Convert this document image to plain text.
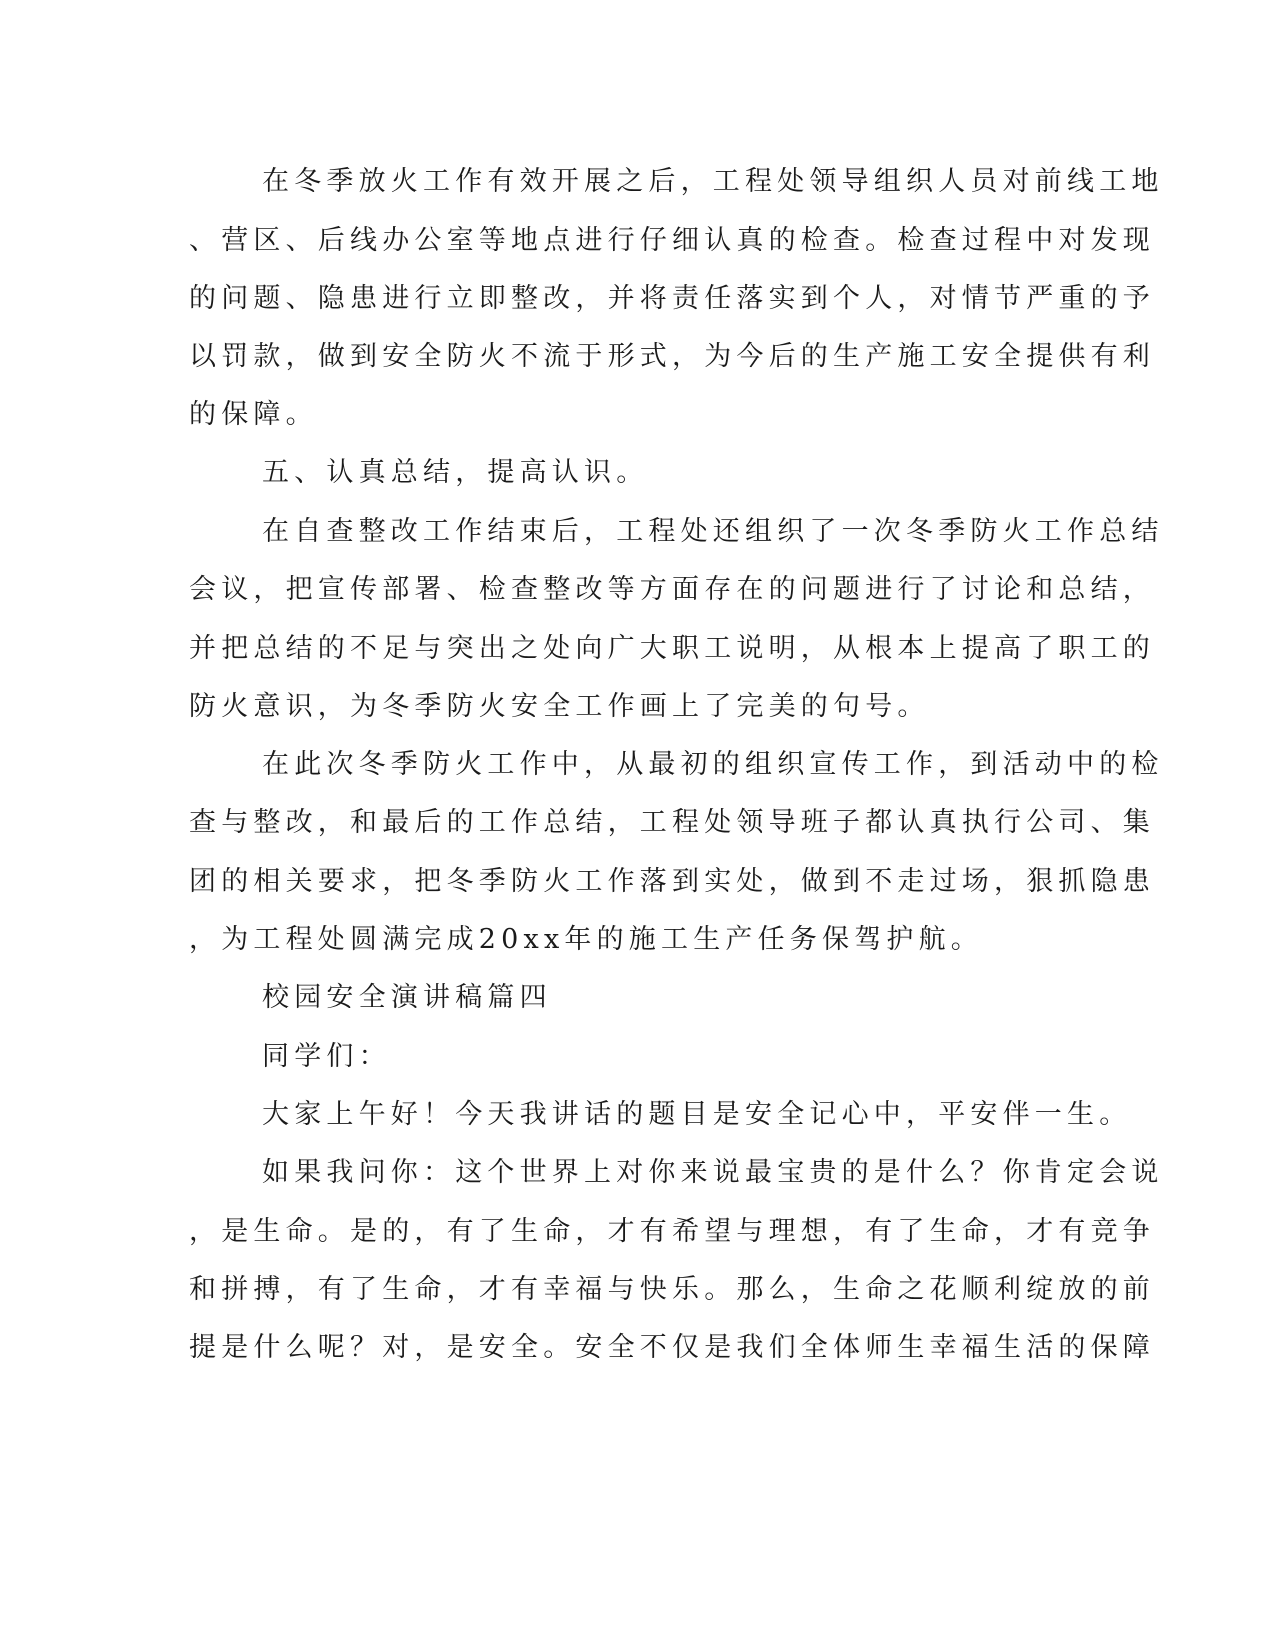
在冬季放火工作有效开展之后，工程处领导组织人员对前线工地
、营区、后线办公室等地点进行仔细认真的检查。检查过程中对发现
的问题、隐患进行立即整改，并将责任落实到个人，对情节严重的予
以罚款，做到安全防火不流于形式，为今后的生产施工安全提供有利
的保障。
五、认真总结，提高认识。
在自查整改工作结束后，工程处还组织了一次冬季防火工作总结
会议，把宣传部署、检查整改等方面存在的问题进行了讨论和总结，
并把总结的不足与突出之处向广大职工说明，从根本上提高了职工的
防火意识，为冬季防火安全工作画上了完美的句号。
在此次冬季防火工作中，从最初的组织宣传工作，到活动中的检
查与整改，和最后的工作总结，工程处领导班子都认真执行公司、集
团的相关要求，把冬季防火工作落到实处，做到不走过场，狠抓隐患
，为工程处圆满完成20xx年的施工生产任务保驾护航。
校园安全演讲稿篇四
同学们：
大家上午好！今天我讲话的题目是安全记心中，平安伴一生。
如果我问你：这个世界上对你来说最宝贵的是什么？你肯定会说
，是生命。是的，有了生命，才有希望与理想，有了生命，才有竞争
和拼搏，有了生命，才有幸福与快乐。那么，生命之花顺利绽放的前
提是什么呢？对，是安全。安全不仅是我们全体师生幸福生活的保障
